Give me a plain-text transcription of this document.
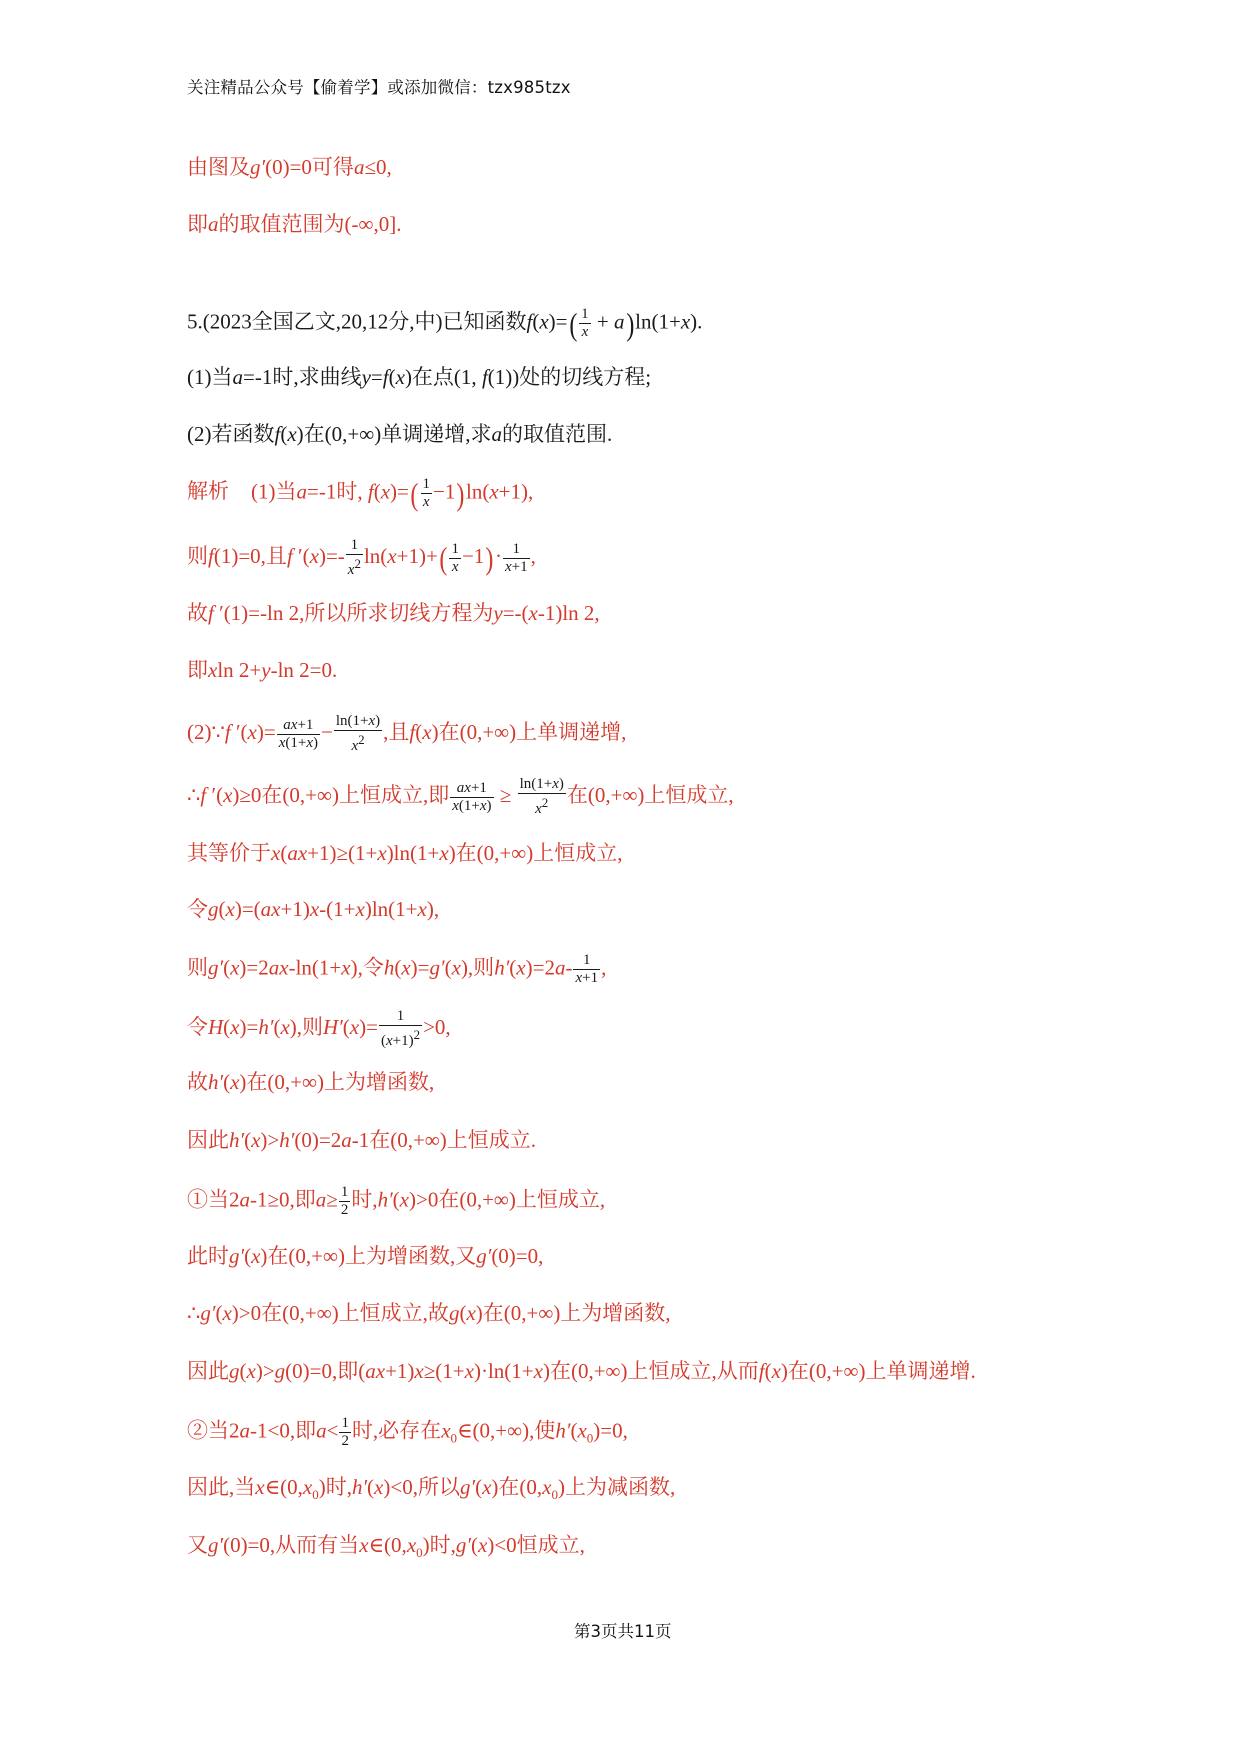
关注精品公众号【偷着学】或添加微信：tzx985tzx
由图及g′(0)=0可得a≤0,
即a的取值范围为(-∞,0].
5.(2023全国乙文,20,12分,中)已知函数$f(x)=( \frac{1}{x} + a)\ln(1+x)$.
(1)当a=-1时,求曲线y=f(x)在点(1, f(1))处的切线方程;
(2)若函数f(x)在(0,+∞)单调递增,求a的取值范围.
解析 (1)当a=-1时, $f(x)=( \frac{1}{x} -1)\ln(x+1)$,
则f(1)=0,且f $'(x)=- \frac{1}{x^2} \ln(x+1)+( \frac{1}{x} -1)\cdot \frac{1}{x+1}$ ,
故f ′(1)=-ln 2,所以所求切线方程为y=-(x-1)ln 2,
即xln 2+y-ln 2=0.
(2)∵f $'(x)= \frac{ax+1}{x(1+x)} - \frac{\ln(1+x)}{x^2}$ ,且f(x)在(0,+∞)上单调递增,
∴f ′(x)≥0在(0,+∞)上恒成立,即 $\frac{ax+1}{x(1+x)} \ge \frac{\ln(1+x)}{x^2}$ 在(0,+∞)上恒成立,
其等价于x(ax+1)≥(1+x)ln(1+x)在(0,+∞)上恒成立,
令g(x)=(ax+1)x-(1+x)ln(1+x),
则g′(x)=2ax-ln(1+x),令h(x)=g′(x),则$h'(x)=2a- \frac{1}{x+1}$ ,
令H(x)=h′(x),则$H'(x)= \frac{1}{(x+1)^2} >0$,
故h′(x)在(0,+∞)上为增函数,
因此h′(x)>h′(0)=2a-1在(0,+∞)上恒成立.
①当2a-1≥0,即$a\ge \frac{1}{2}$ 时,h′(x)>0在(0,+∞)上恒成立,
此时g′(x)在(0,+∞)上为增函数,又g′(0)=0,
∴g′(x)>0在(0,+∞)上恒成立,故g(x)在(0,+∞)上为增函数,
因此g(x)>g(0)=0,即(ax+1)x≥(1+x)·ln(1+x)在(0,+∞)上恒成立,从而f(x)在(0,+∞)上单调递增.
②当2a-1<0,即$a< \frac{1}{2}$ 时,必存在$x_0\in(0,+\infty)$,使$h'(x_0)=0$,
因此,当$x\in(0,x_0)$时,h′(x)<0,所以g′(x)在$(0,x_0)$上为减函数,
又g′(0)=0,从而有当$x\in(0,x_0)$时,g′(x)<0恒成立,
第3页共11页
